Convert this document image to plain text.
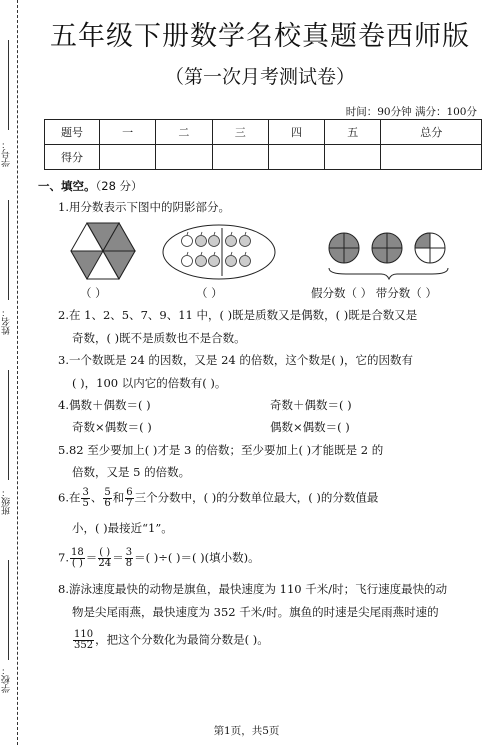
学号：
姓名：
班级：
学校：
五年级下册数学名校真题卷西师版
（第一次月考测试卷）
时间：90分钟 满分：100分
题号	一	二	三	四	五	总分
得分						
一、填空。（28 分）
1.用分数表示下图中的阴影部分。
（ ）	（ ）	假分数（ ） 带分数（ ）
2.在 1、2、5、7、9、11 中，( )既是质数又是偶数，( )既是合数又是
奇数，( )既不是质数也不是合数。
3.一个数既是 24 的因数，又是 24 的倍数，这个数是( )，它的因数有
( )，100 以内它的倍数有( )。
4.偶数＋偶数＝( )	奇数＋偶数＝( )
奇数×偶数＝( )	偶数×偶数＝( )
5.82 至少要加上( )才是 3 的倍数；至少要加上( )才能既是 2 的
倍数，又是 5 的倍数。
6.在 $\frac{3}{5}$ 、 $\frac{5}{6}$ 和 $\frac{6}{7}$ 三个分数中，( )的分数单位最大，( )的分数值最
小，( )最接近“1”。
7. $\frac{18}{( )} = \frac{( )}{24} = \frac{3}{8}$ ＝( )÷( )＝( )(填小数)。
8.游泳速度最快的动物是旗鱼，最快速度为 110 千米/时；飞行速度最快的动
物是尖尾雨燕，最快速度为 352 千米/时。旗鱼的时速是尖尾雨燕时速的
$\frac{110}{352}$ ，把这个分数化为最简分数是( )。
第1页，共5页
